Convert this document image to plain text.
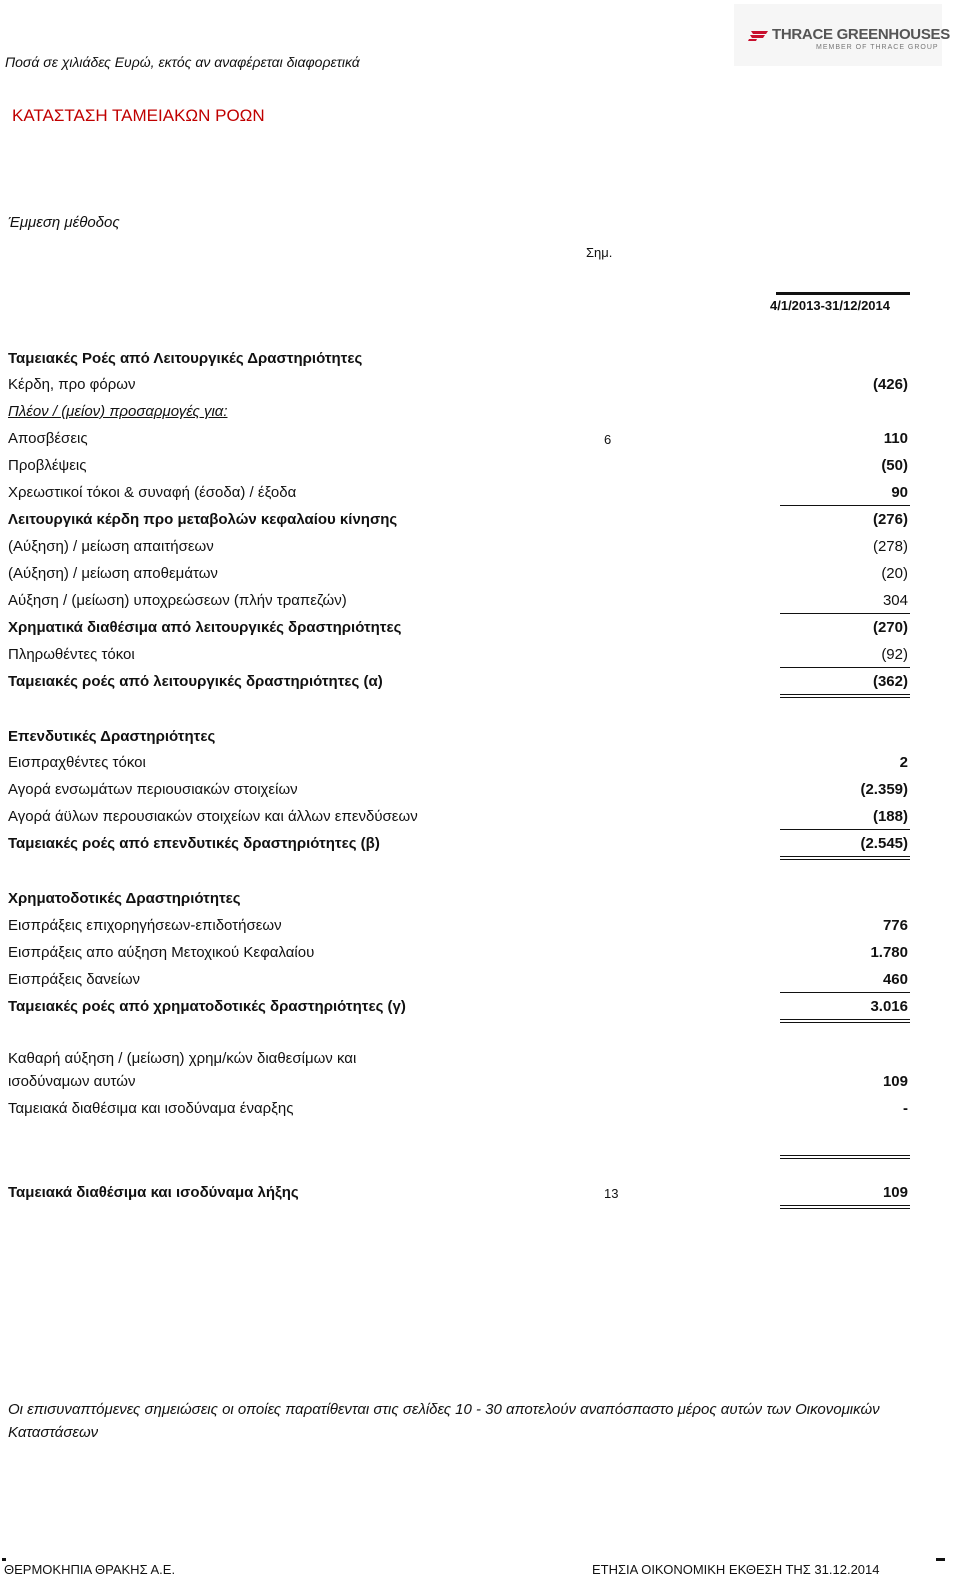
Ποσά σε χιλιάδες Ευρώ, εκτός αν αναφέρεται διαφορετικά
THRACE GREENHOUSES
MEMBER OF THRACE GROUP
ΚΑΤΑΣΤΑΣΗ ΤΑΜΕΙΑΚΩΝ ΡΟΩΝ
Έμμεση μέθοδος
Σημ.
4/1/2013-31/12/2014
Ταμειακές Ροές από Λειτουργικές Δραστηριότητες
Κέρδη, προ φόρων	(426)
Πλέον / (μείον) προσαρμογές για:
Αποσβέσεις	6	110
Προβλέψεις	(50)
Χρεωστικοί τόκοι & συναφή (έσοδα) / έξοδα	90
Λειτουργικά κέρδη προ μεταβολών κεφαλαίου κίνησης	(276)
(Αύξηση) / μείωση απαιτήσεων	(278)
(Αύξηση) / μείωση αποθεμάτων	(20)
Αύξηση / (μείωση) υποχρεώσεων (πλήν τραπεζών)	304
Χρηματικά διαθέσιμα από λειτουργικές δραστηριότητες	(270)
Πληρωθέντες τόκοι	(92)
Ταμειακές ροές από λειτουργικές δραστηριότητες (α)	(362)
Επενδυτικές Δραστηριότητες
Εισπραχθέντες τόκοι	2
Αγορά ενσωμάτων περιουσιακών στοιχείων	(2.359)
Αγορά άϋλων περουσιακών στοιχείων και άλλων επενδύσεων	(188)
Ταμειακές ροές από επενδυτικές δραστηριότητες (β)	(2.545)
Χρηματοδοτικές Δραστηριότητες
Εισπράξεις επιχορηγήσεων-επιδοτήσεων	776
Εισπράξεις απο αύξηση Μετοχικού Κεφαλαίου	1.780
Εισπράξεις δανείων	460
Ταμειακές ροές από χρηματοδοτικές δραστηριότητες (γ)	3.016
Καθαρή αύξηση / (μείωση) χρημ/κών διαθεσίμων και
ισοδύναμων αυτών	109
Ταμειακά διαθέσιμα και ισοδύναμα έναρξης	-
Ταμειακά διαθέσιμα και ισοδύναμα λήξης	13	109
Οι επισυναπτόμενες σημειώσεις οι οποίες παρατίθενται στις σελίδες 10 - 30 αποτελούν αναπόσπαστο μέρος αυτών των Οικονομικών Καταστάσεων
ΘΕΡΜΟΚΗΠΙΑ ΘΡΑΚΗΣ Α.Ε.	ΕΤΗΣΙΑ ΟΙΚΟΝΟΜΙΚΗ ΕΚΘΕΣΗ ΤΗΣ 31.12.2014
